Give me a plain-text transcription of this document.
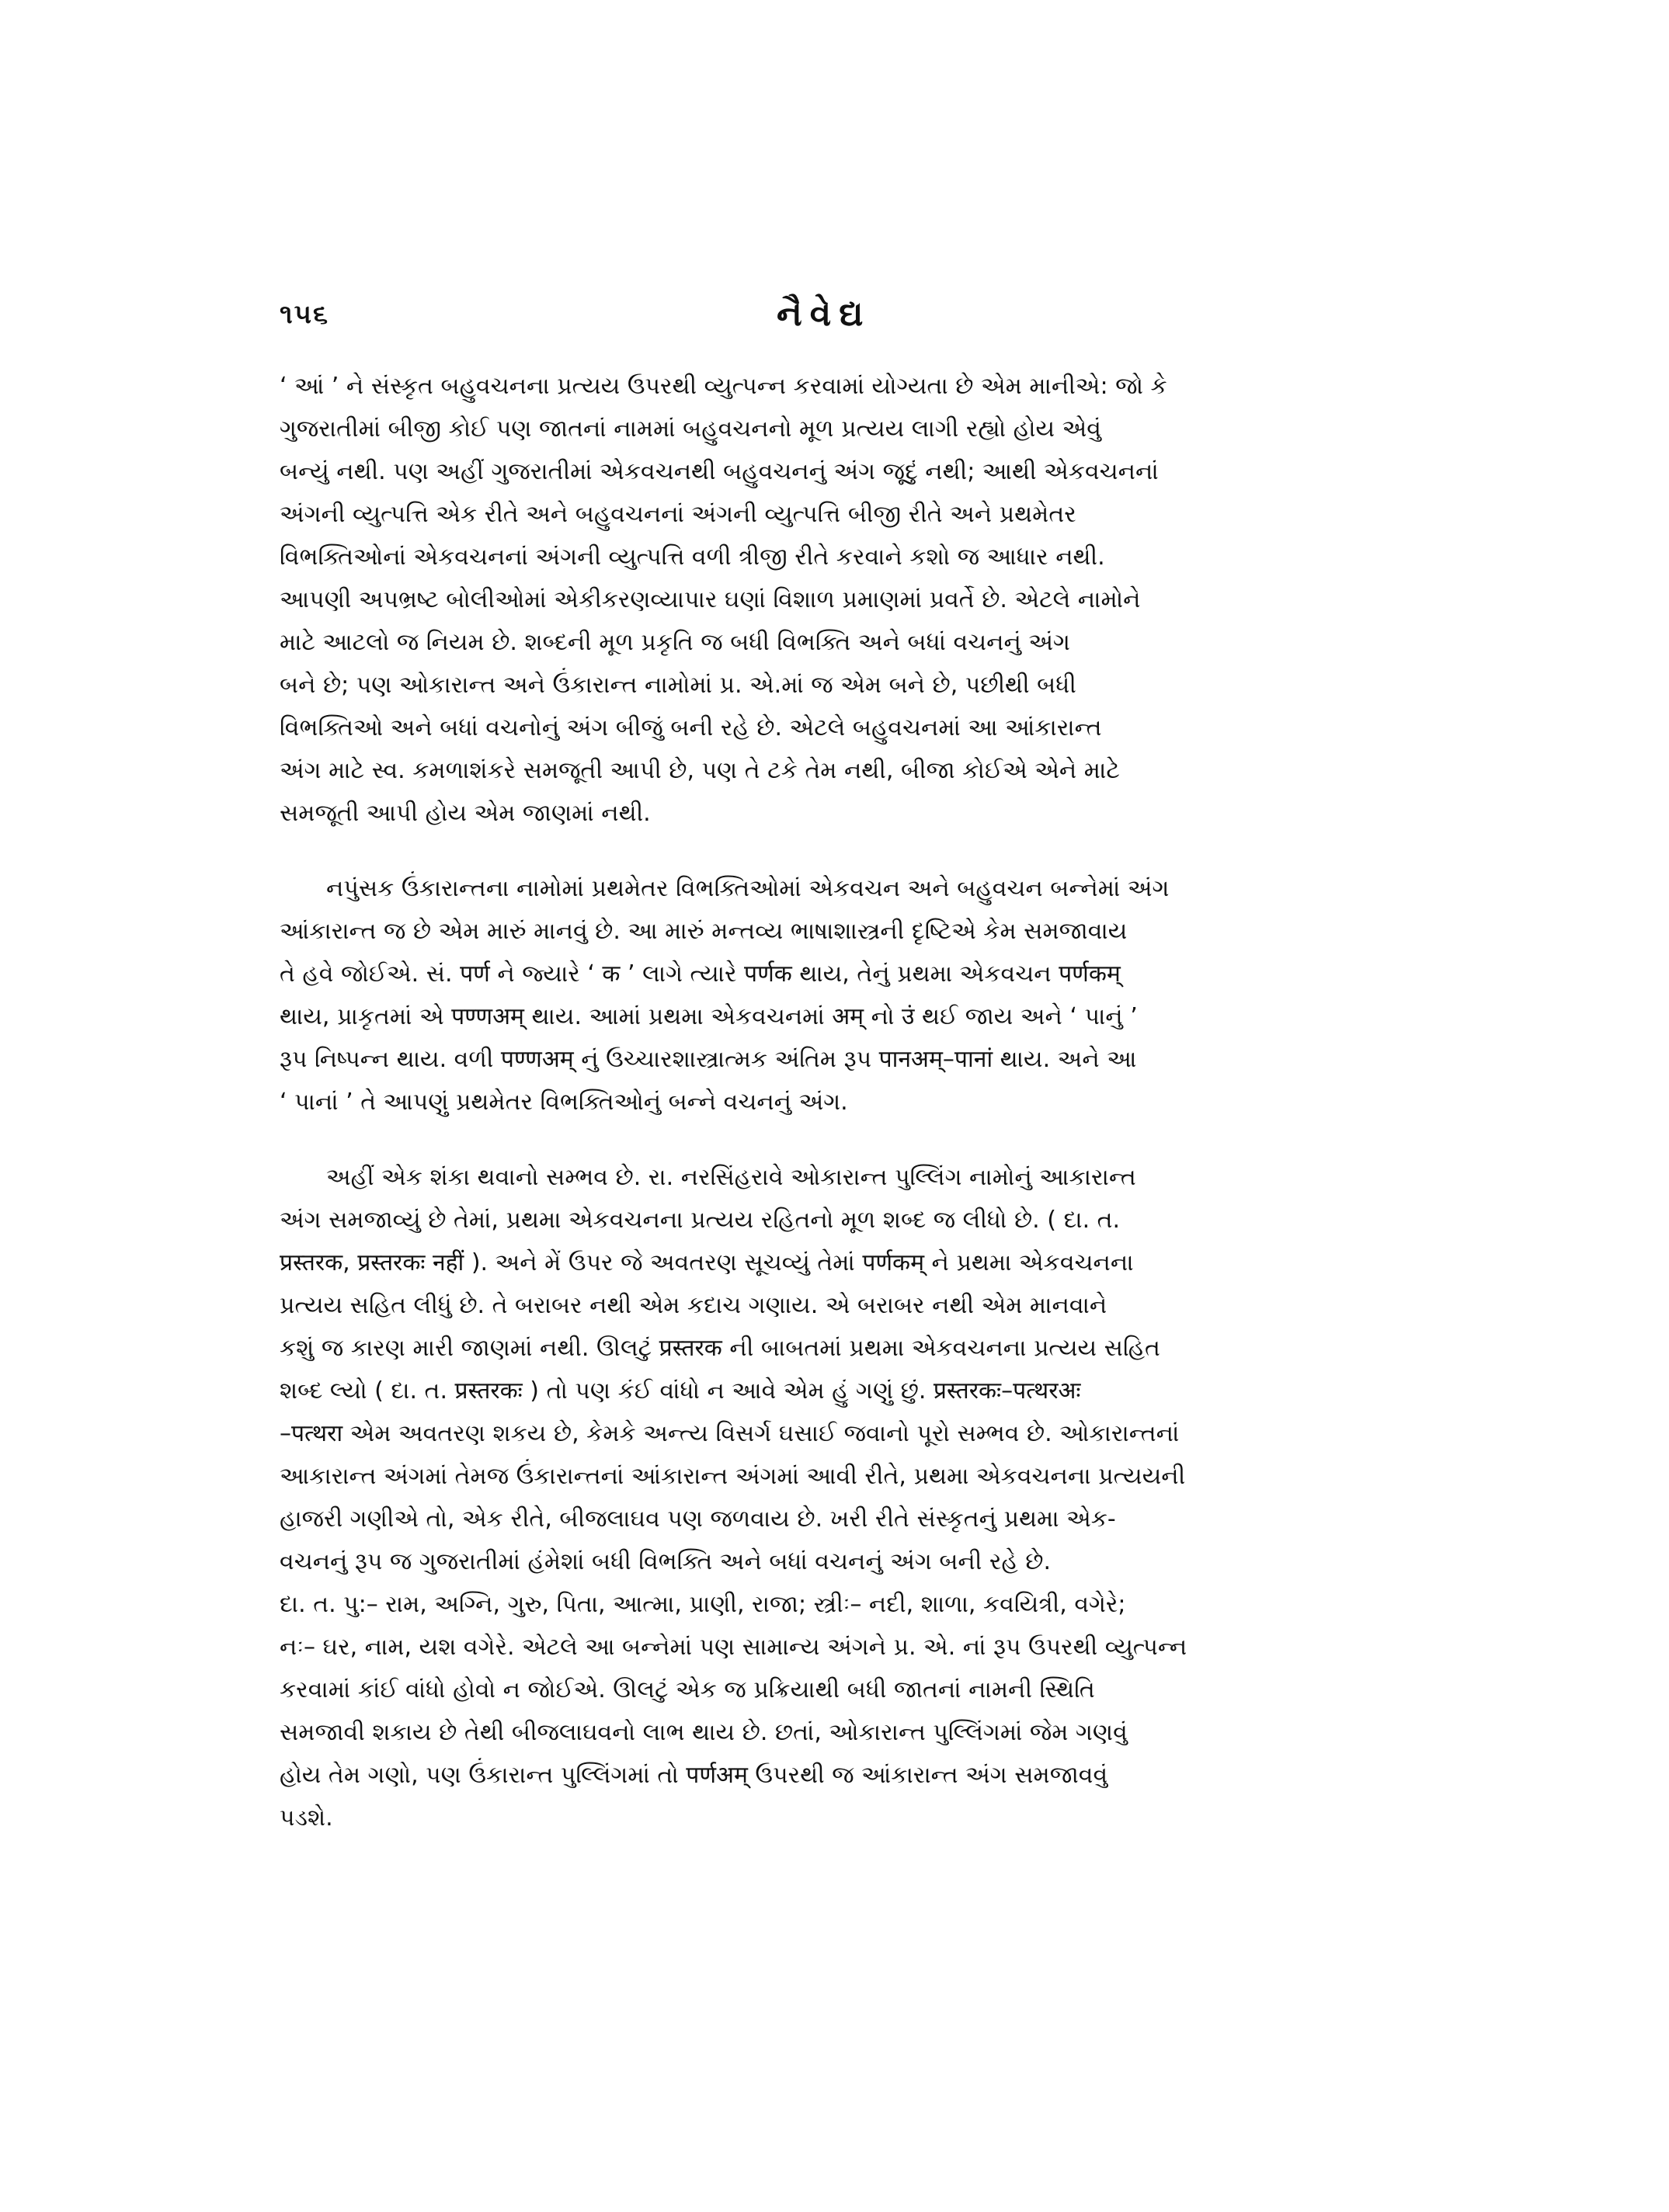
૧૫૬	નૈવેદ્ય

‘ આં ’ ને સંસ્કૃત બહુવચનના પ્રત્યય ઉપરથી વ્યુત્પન્ન કરવામાં યોગ્યતા છે એમ માનીએ: જો કે
ગુજરાતીમાં બીજી કોઈ પણ જાતનાં નામમાં બહુવચનનો મૂળ પ્રત્યય લાગી રહ્યો હોય એવું
બન્યું નથી. પણ અહીં ગુજરાતીમાં એકવચનથી બહુવચનનું અંગ જૂદું નથી; આથી એકવચનનાં
અંગની વ્યુત્પત્તિ એક રીતે અને બહુવચનનાં અંગની વ્યુત્પત્તિ બીજી રીતે અને પ્રથમેતર
વિભક્તિઓનાં એકવચનનાં અંગની વ્યુત્પત્તિ વળી ત્રીજી રીતે કરવાને કશો જ આધાર નથી.
આપણી અપભ્રષ્ટ બોલીઓમાં એકીકરણવ્યાપાર ઘણાં વિશાળ પ્રમાણમાં પ્રવર્તે છે. એટલે નામોને
માટે આટલો જ નિયમ છે. શબ્દની મૂળ પ્રકૃતિ જ બધી વિભક્તિ અને બધાં વચનનું અંગ
બને છે; પણ ઓકારાન્ત અને ઉંકારાન્ત નામોમાં પ્ર. એ.માં જ એમ બને છે, પછીથી બધી
વિભક્તિઓ અને બધાં વચનોનું અંગ બીજું બની રહે છે. એટલે બહુવચનમાં આ આંકારાન્ત
અંગ માટે સ્વ. કમળાશંકરે સમજૂતી આપી છે, પણ તે ટકે તેમ નથી, બીજા કોઈએ એને માટે
સમજૂતી આપી હોય એમ જાણમાં નથી.

નપુંસક ઉંકારાન્તના નામોમાં પ્રથમેતર વિભક્તિઓમાં એકવચન અને બહુવચન બન્નેમાં અંગ
આંકારાન્ત જ છે એમ મારું માનવું છે. આ મારું મન્તવ્ય ભાષાશાસ્ત્રની દૃષ્ટિએ કેમ સમજાવાય
તે હવે જોઈએ. સં. पर्ण ને જ્યારે ‘ क ’ લાગે ત્યારે पर्णक થાય, તેનું પ્રથમા એકવચન पर्णकम्
થાય, પ્રાકૃતમાં એ पण्णअम् થાય. આમાં પ્રથમા એકવચનમાં अम् નો उं થઈ જાય અને ‘ પાનું ’
રૂપ નિષ્પન્ન થાય. વળી पण्णअम् નું ઉચ્ચારશાસ્ત્રાત્મક અંતિમ રૂપ पानअम्–पानां થાય. અને આ
‘ પાનાં ’ તે આપણું પ્રથમેતર વિભક્તિઓનું બન્ને વચનનું અંગ.

અહીં એક શંકા થવાનો સમ્ભવ છે. રા. નરસિંહરાવે ઓકારાન્ત પુલ્લિંગ નામોનું આકારાન્ત
અંગ સમજાવ્યું છે તેમાં, પ્રથમા એકવચનના પ્રત્યય રહિતનો મૂળ શબ્દ જ લીધો છે. ( દા. ત.
प्रस्तरक, प्रस्तरकः नहीं ). અને મેં ઉપર જે અવતરણ સૂચવ્યું તેમાં पर्णकम् ને પ્રથમા એકવચનના
પ્રત્યય સહિત લીધું છે. તે બરાબર નથી એમ કદાચ ગણાય. એ બરાબર નથી એમ માનવાને
કશું જ કારણ મારી જાણમાં નથી. ઊલટું प्रस्तरक ની બાબતમાં પ્રથમા એકવચનના પ્રત્યય સહિત
શબ્દ લ્યો ( દા. ત. प्रस्तरकः ) તો પણ કંઈ વાંધો ન આવે એમ હું ગણું છું. प्रस्तरकः–पत्थरअः
–पत्थरा એમ અવતરણ શકય છે, કેમકે અન્ત્ય વિસર્ગ ઘસાઈ જવાનો પૂરો સમ્ભવ છે. ઓકારાન્તનાં
આકારાન્ત અંગમાં તેમજ ઉંકારાન્તનાં આંકારાન્ત અંગમાં આવી રીતે, પ્રથમા એકવચનના પ્રત્યયની
હાજરી ગણીએ તો, એક રીતે, બીજલાઘવ પણ જળવાય છે. ખરી રીતે સંસ્કૃતનું પ્રથમા એક-
વચનનું રૂપ જ ગુજરાતીમાં હંમેશાં બધી વિભક્તિ અને બધાં વચનનું અંગ બની રહે છે.
દા. ત. પુ:– રામ, અગ્નિ, ગુરુ, પિતા, આત્મા, પ્રાણી, રાજા; સ્ત્રીઃ– નદી, શાળા, કવયિત્રી, વગેરે;
નઃ– ઘર, નામ, યશ વગેરે. એટલે આ બન્નેમાં પણ સામાન્ય અંગને પ્ર. એ. નાં રૂપ ઉપરથી વ્યુત્પન્ન
કરવામાં કાંઈ વાંધો હોવો ન જોઈએ. ઊલટું એક જ પ્રક્રિયાથી બધી જાતનાં નામની સ્થિતિ
સમજાવી શકાય છે તેથી બીજલાઘવનો લાભ થાય છે. છતાં, ઓકારાન્ત પુલ્લિંગમાં જેમ ગણવું
હોય તેમ ગણો, પણ ઉંકારાન્ત પુલ્લિંગમાં તો पर्णअम् ઉપરથી જ આંકારાન્ત અંગ સમજાવવું
પડશે.
